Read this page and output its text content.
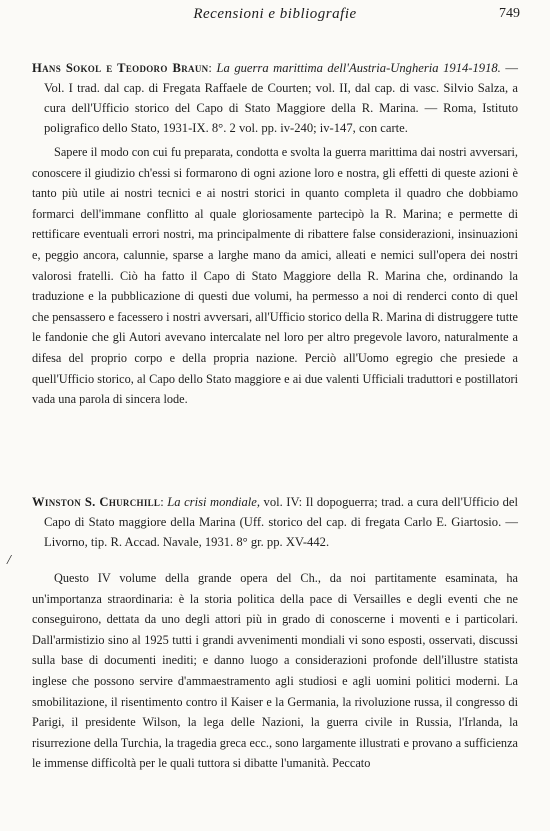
Recensioni e bibliografie	749

Hans Sokol e Teodoro Braun: La guerra marittima dell'Austria-Ungheria 1914-1918. — Vol. I trad. dal cap. di Fregata Raffaele de Courten; vol. II, dal cap. di vasc. Silvio Salza, a cura dell'Ufficio storico del Capo di Stato Maggiore della R. Marina. — Roma, Istituto poligrafico dello Stato, 1931-IX. 8°. 2 vol. pp. iv-240; iv-147, con carte.

Sapere il modo con cui fu preparata, condotta e svolta la guerra marittima dai nostri avversari, conoscere il giudizio ch'essi si formarono di ogni azione loro e nostra, gli effetti di queste azioni è tanto più utile ai nostri tecnici e ai nostri storici in quanto completa il quadro che dobbiamo formarci dell'immane conflitto al quale gloriosamente partecipò la R. Marina; e permette di rettificare eventuali errori nostri, ma principalmente di ribattere false considerazioni, insinuazioni e, peggio ancora, calunnie, sparse a larghe mano da amici, alleati e nemici sull'opera dei nostri valorosi fratelli. Ciò ha fatto il Capo di Stato Maggiore della R. Marina che, ordinando la traduzione e la pubblicazione di questi due volumi, ha permesso a noi di renderci conto di quel che pensassero e facessero i nostri avversari, all'Ufficio storico della R. Marina di distruggere tutte le fandonie che gli Autori avevano intercalate nel loro per altro pregevole lavoro, naturalmente a difesa del proprio corpo e della propria nazione. Perciò all'Uomo egregio che presiede a quell'Ufficio storico, al Capo dello Stato maggiore e ai due valenti Ufficiali traduttori e postillatori vada una parola di sincera lode.

Winston S. Churchill: La crisi mondiale, vol. IV: Il dopoguerra; trad. a cura dell'Ufficio del Capo di Stato maggiore della Marina (Uff. storico del cap. di fregata Carlo E. Giartosio. — Livorno, tip. R. Accad. Navale, 1931. 8° gr. pp. XV-442.

Questo IV volume della grande opera del Ch., da noi partitamente esaminata, ha un'importanza straordinaria: è la storia politica della pace di Versailles e degli eventi che ne conseguirono, dettata da uno degli attori più in grado di conoscerne i moventi e i particolari. Dall'armistizio sino al 1925 tutti i grandi avvenimenti mondiali vi sono esposti, osservati, discussi sulla base di documenti inediti; e danno luogo a considerazioni profonde dell'illustre statista inglese che possono servire d'ammaestramento agli studiosi e agli uomini politici moderni. La smobilitazione, il risentimento contro il Kaiser e la Germania, la rivoluzione russa, il congresso di Parigi, il presidente Wilson, la lega delle Nazioni, la guerra civile in Russia, l'Irlanda, la risurrezione della Turchia, la tragedia greca ecc., sono largamente illustrati e provano a sufficienza le immense difficoltà per le quali tuttora si dibatte l'umanità. Peccato

/
